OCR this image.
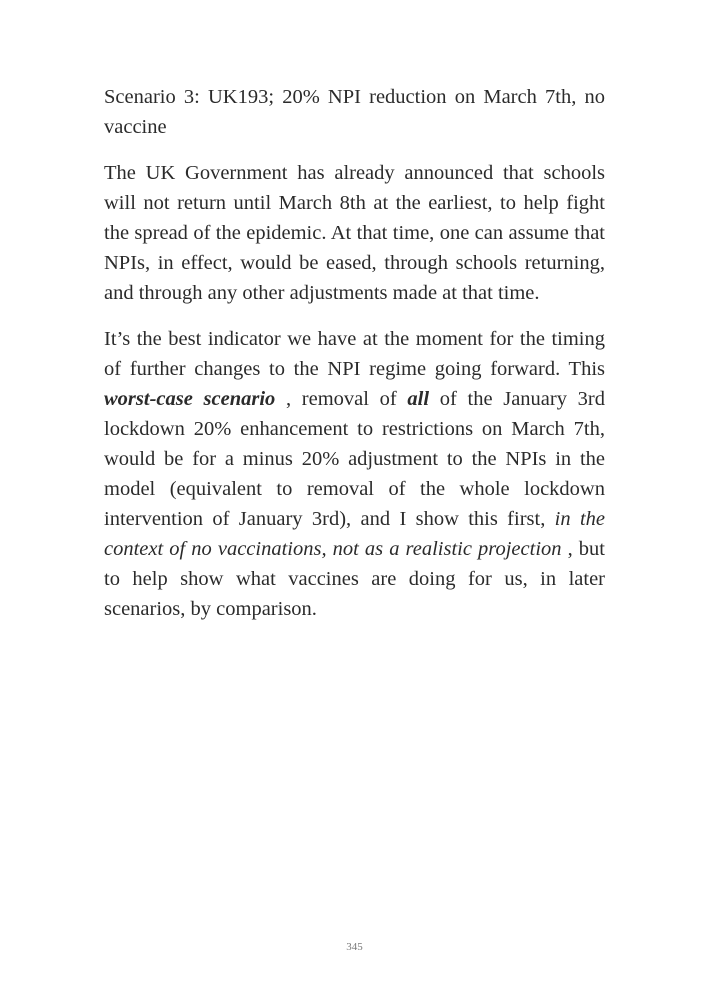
Scenario 3: UK193; 20% NPI reduction on March 7th, no vaccine

The UK Government has already announced that schools will not return until March 8th at the earliest, to help fight the spread of the epidemic. At that time, one can assume that NPIs, in effect, would be eased, through schools returning, and through any other adjustments made at that time.

It’s the best indicator we have at the moment for the timing of further changes to the NPI regime going forward. This worst-case scenario , removal of all of the January 3rd lockdown 20% enhancement to restrictions on March 7th, would be for a minus 20% adjustment to the NPIs in the model (equivalent to removal of the whole lockdown intervention of January 3rd), and I show this first, in the context of no vaccinations, not as a realistic projection , but to help show what vaccines are doing for us, in later scenarios, by comparison.

345
